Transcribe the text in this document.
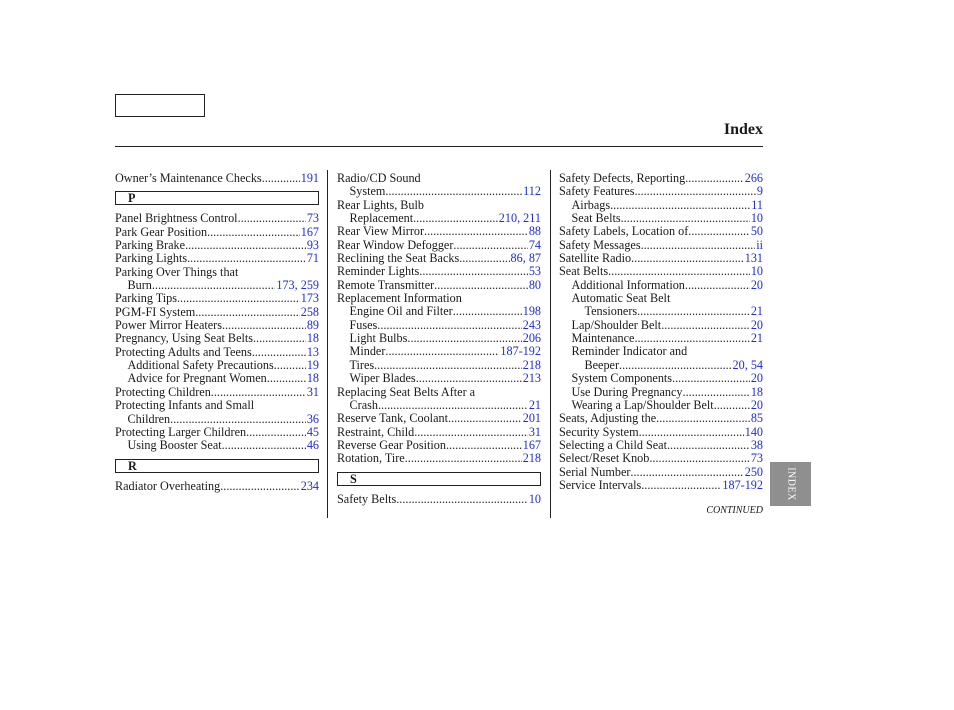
Index
Owner’s Maintenance Checks .....	191
P
Panel Brightness Control .....	73
Park Gear Position .....	167
Parking Brake .....	93
Parking Lights .....	71
Parking Over Things that
Burn .....	173, 259
Parking Tips .....	173
PGM-FI System .....	258
Power Mirror Heaters .....	89
Pregnancy, Using Seat Belts .....	18
Protecting Adults and Teens .....	13
Additional Safety Precautions .....	19
Advice for Pregnant Women .....	18
Protecting Children .....	31
Protecting Infants and Small
Children .....	36
Protecting Larger Children .....	45
Using Booster Seat .....	46
R
Radiator Overheating .....	234
Radio/CD Sound
System .....	112
Rear Lights, Bulb
Replacement .....	210, 211
Rear View Mirror .....	88
Rear Window Defogger .....	74
Reclining the Seat Backs .....	86, 87
Reminder Lights .....	53
Remote Transmitter .....	80
Replacement Information
Engine Oil and Filter .....	198
Fuses .....	243
Light Bulbs .....	206
Minder .....	187-192
Tires .....	218
Wiper Blades .....	213
Replacing Seat Belts After a
Crash .....	21
Reserve Tank, Coolant .....	201
Restraint, Child .....	31
Reverse Gear Position .....	167
Rotation, Tire .....	218
S
Safety Belts .....	10
Safety Defects, Reporting .....	266
Safety Features .....	9
Airbags .....	11
Seat Belts .....	10
Safety Labels, Location of .....	50
Safety Messages .....	ii
Satellite Radio .....	131
Seat Belts .....	10
Additional Information .....	20
Automatic Seat Belt
Tensioners .....	21
Lap/Shoulder Belt .....	20
Maintenance .....	21
Reminder Indicator and
Beeper .....	20, 54
System Components .....	20
Use During Pregnancy .....	18
Wearing a Lap/Shoulder Belt .....	20
Seats, Adjusting the .....	85
Security System .....	140
Selecting a Child Seat .....	38
Select/Reset Knob .....	73
Serial Number .....	250
Service Intervals .....	187-192
CONTINUED
INDEX
